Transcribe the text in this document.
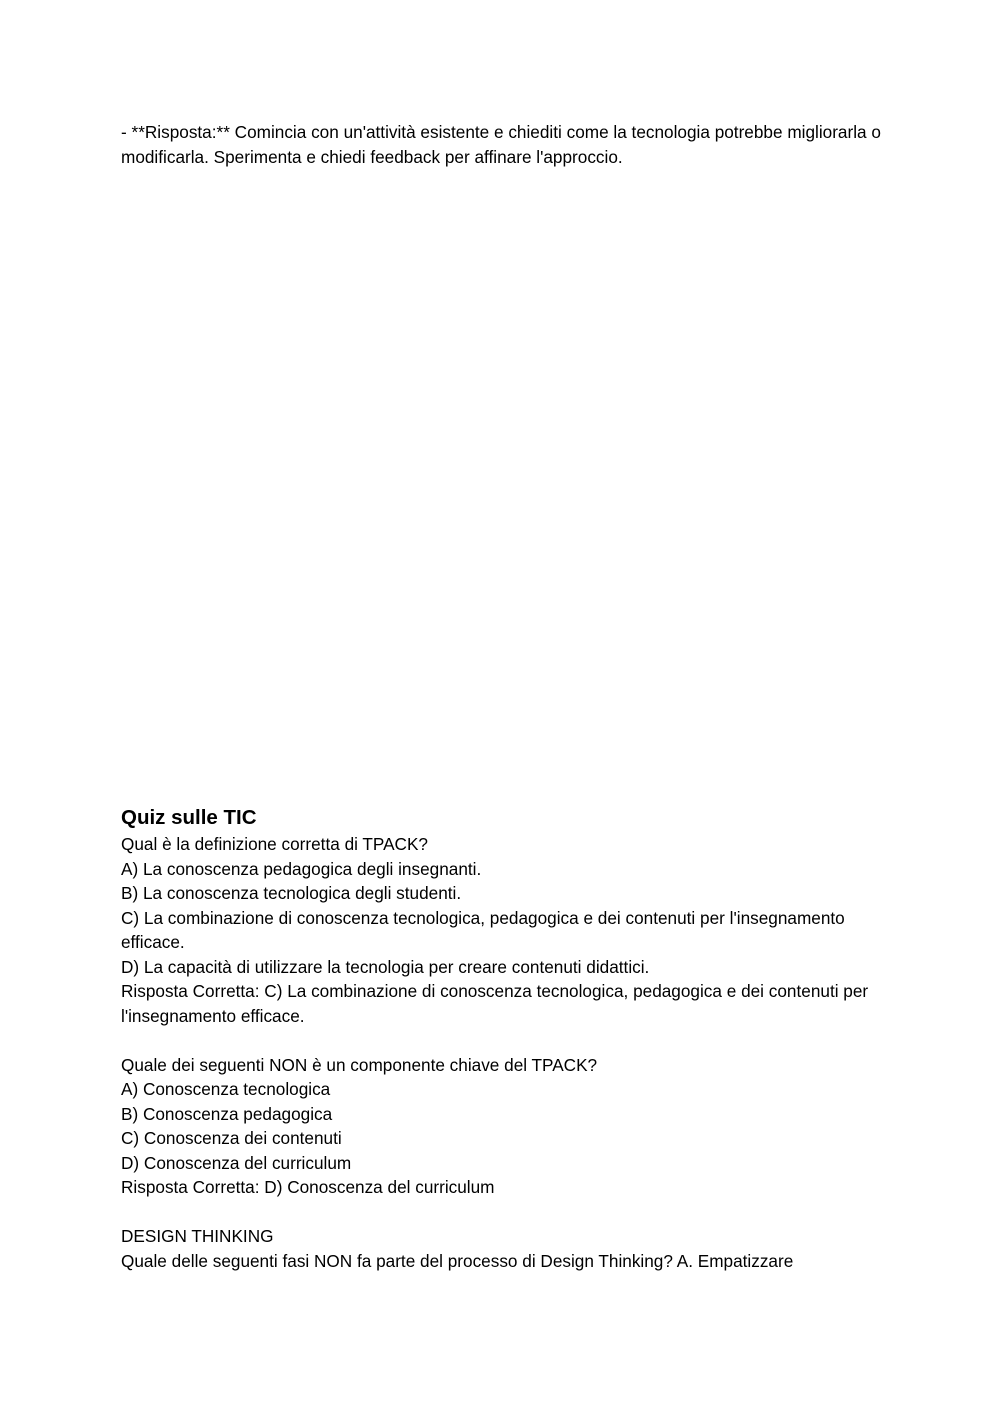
- **Risposta:** Comincia con un'attività esistente e chiediti come la tecnologia potrebbe migliorarla o modificarla. Sperimenta e chiedi feedback per affinare l'approccio.

Quiz sulle TIC

Qual è la definizione corretta di TPACK?
A) La conoscenza pedagogica degli insegnanti.
B) La conoscenza tecnologica degli studenti.
C) La combinazione di conoscenza tecnologica, pedagogica e dei contenuti per l'insegnamento efficace.
D) La capacità di utilizzare la tecnologia per creare contenuti didattici.
Risposta Corretta: C) La combinazione di conoscenza tecnologica, pedagogica e dei contenuti per l'insegnamento efficace.
Quale dei seguenti NON è un componente chiave del TPACK?
A) Conoscenza tecnologica
B) Conoscenza pedagogica
C) Conoscenza dei contenuti
D) Conoscenza del curriculum
Risposta Corretta: D) Conoscenza del curriculum
DESIGN THINKING
Quale delle seguenti fasi NON fa parte del processo di Design Thinking? A. Empatizzare
